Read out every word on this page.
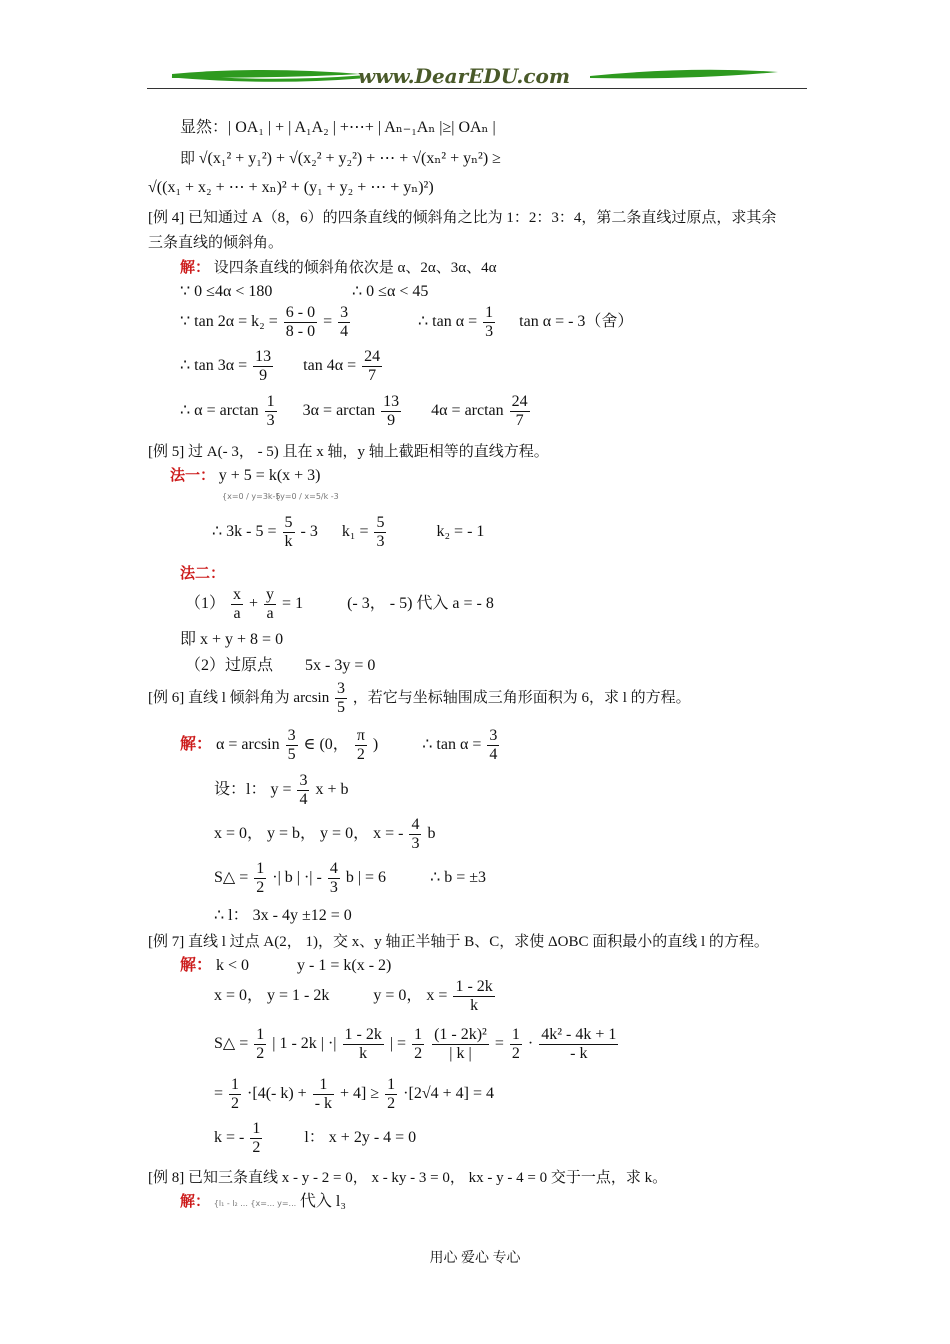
www.DearEDU.com
显然：| OA₁ | + | A₁A₂ | +⋯+ | Aₙ₋₁Aₙ |≥| OAₙ |
即 √(x₁² + y₁²) + √(x₂² + y₂²) + ⋯ + √(xₙ² + yₙ²) ≥
√((x₁ + x₂ + ⋯ + xₙ)² + (y₁ + y₂ + ⋯ + yₙ)²)
[例 4] 已知通过 A（8，6）的四条直线的倾斜角之比为 1：2：3：4，第二条直线过原点，求其余
三条直线的倾斜角。
解： 设四条直线的倾斜角依次是 α、2α、3α、4α
∵ 0 ≤4α < 180	∴ 0 ≤α < 45
∵ $\tan 2\alpha = k_2 = \frac{6 - 0}{8 - 0} = \frac{3}{4}$	∴ $\tan \alpha = \frac{1}{3}$ tan α = - 3（舍）
∴ $\tan 3\alpha = \frac{13}{9}$ $\tan 4\alpha = \frac{24}{7}$
∴ $\alpha = \arctan \frac{1}{3} 3\alpha = \arctan \frac{13}{9} 4\alpha = \arctan \frac{24}{7}$
[例 5] 过 A(- 3， - 5) 且在 x 轴，y 轴上截距相等的直线方程。
法一： y + 5 = k(x + 3)
{x=0 / y=3k-5
{y=0 / x=5/k -3
∴ $3k - 5 = \frac{5}{k} - 3$ $k_1 = \frac{5}{3}$	k₂ = - 1
法二：
$(1) \frac{x}{a} + \frac{y}{a} = 1$	(- 3， - 5) 代入 a = - 8
即 x + y + 8 = 0
（2）过原点 5x - 3y = 0
[例 6] 直线 l 倾斜角为 $\arcsin \frac{3}{5}$ ，若它与坐标轴围成三角形面积为 6，求 l 的方程。
解： $\alpha = \arcsin \frac{3}{5}$ ∈ (0， $\frac{\pi}{2}$ )	∴ $\tan \alpha = \frac{3}{4}$
设：l： $y = \frac{3}{4}$ x + b
x = 0， y = b， y = 0， x = - $\frac{4}{3}$ b
S△ = $\frac{1}{2}$ ·| b | ·| - $\frac{4}{3}$ b | = 6	∴ b = ±3
∴ l： 3x - 4y ±12 = 0
[例 7] 直线 l 过点 A(2， 1)，交 x、y 轴正半轴于 B、C，求使 ΔOBC 面积最小的直线 l 的方程。
解： k < 0	y - 1 = k(x - 2)
x = 0， y = 1 - 2k	y = 0， $x = \frac{1 - 2k}{k}$
S△ = $\frac{1}{2}$ | 1 - 2k | ·| $\frac{1 - 2k}{k}$ | = $\frac{1}{2}$
$\frac{\text{(1 - 2k)²}}{| k |} = \frac{1}{2} \cdot \frac{\text{4k² - 4k + 1}}{- k}$
= $\frac{1}{2} \cdot[4(-$ $k) + \frac{1}{- k} + 4] \ge \frac{1}{2} \cdot[2√4 + 4] = 4$
k = - $\frac{1}{2}$	l： x + 2y - 4 = 0
[例 8] 已知三条直线 x - y - 2 = 0， x - ky - 3 = 0， kx - y - 4 = 0 交于一点，求 k。
解： {l₁ - l₂ ... {x=... y=... 代入 l₃
用心 爱心 专心
